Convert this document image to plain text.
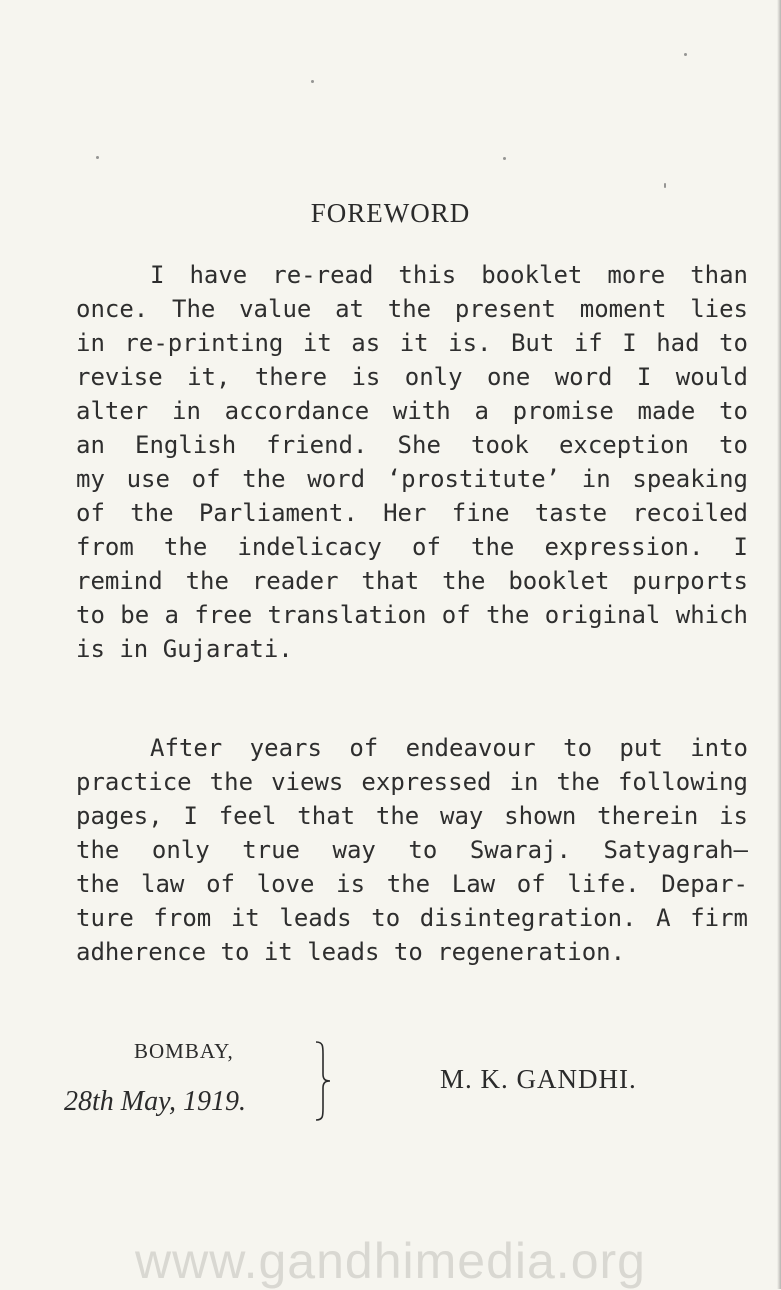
FOREWORD
I have re-read this booklet more than
once. The value at the present moment lies
in re-printing it as it is. But if I had to
revise it, there is only one word I would
alter in accordance with a promise made to
an English friend. She took exception to
my use of the word ‘prostitute’ in speaking
of the Parliament. Her fine taste recoiled
from the indelicacy of the expression. I
remind the reader that the booklet purports
to be a free translation of the original which
is in Gujarati.
After years of endeavour to put into
practice the views expressed in the following
pages, I feel that the way shown therein is
the only true way to Swaraj. Satyagrah—
the law of love is the Law of life. Depar-
ture from it leads to disintegration. A firm
adherence to it leads to regeneration.
BOMBAY,
28th May, 1919.
M. K. GANDHI.
www.gandhimedia.org
